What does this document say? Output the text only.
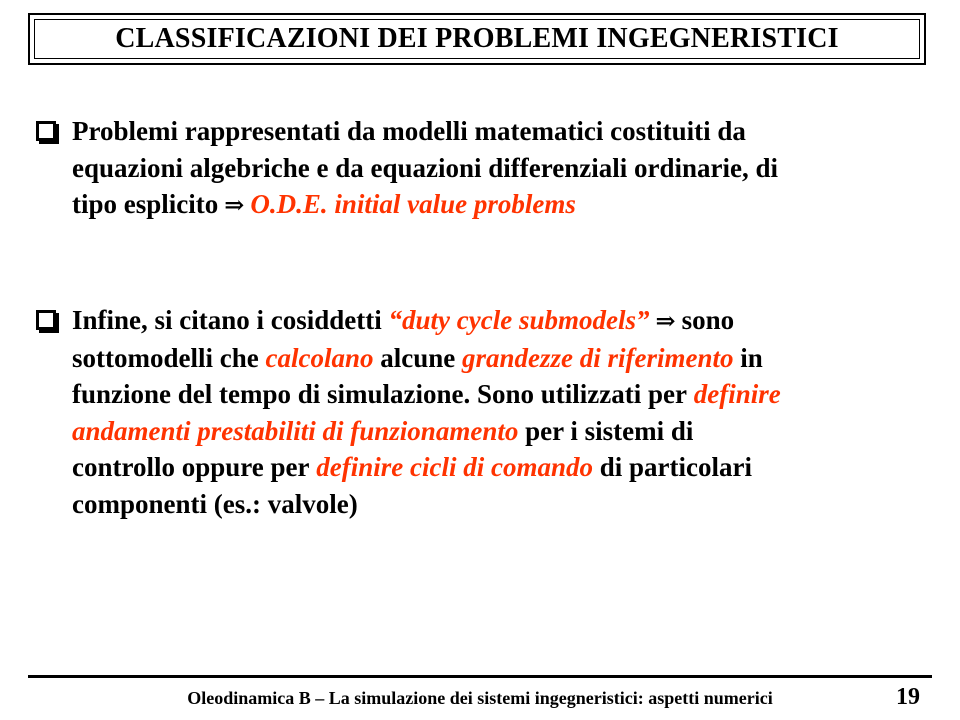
CLASSIFICAZIONI DEI PROBLEMI INGEGNERISTICI
Problemi rappresentati da modelli matematici costituiti da
equazioni algebriche e da equazioni differenziali ordinarie, di
tipo esplicito ⇒ O.D.E. initial value problems
Infine, si citano i cosiddetti
“duty cycle submodels” ⇒ sono
sottomodelli che calcolano alcune grandezze di riferimento in
funzione del tempo di simulazione. Sono utilizzati per definire
andamenti prestabiliti di funzionamento per i sistemi di
controllo oppure per definire cicli di comando di particolari
componenti (es.: valvole)
Oleodinamica B – La simulazione dei sistemi ingegneristici: aspetti numerici	19
